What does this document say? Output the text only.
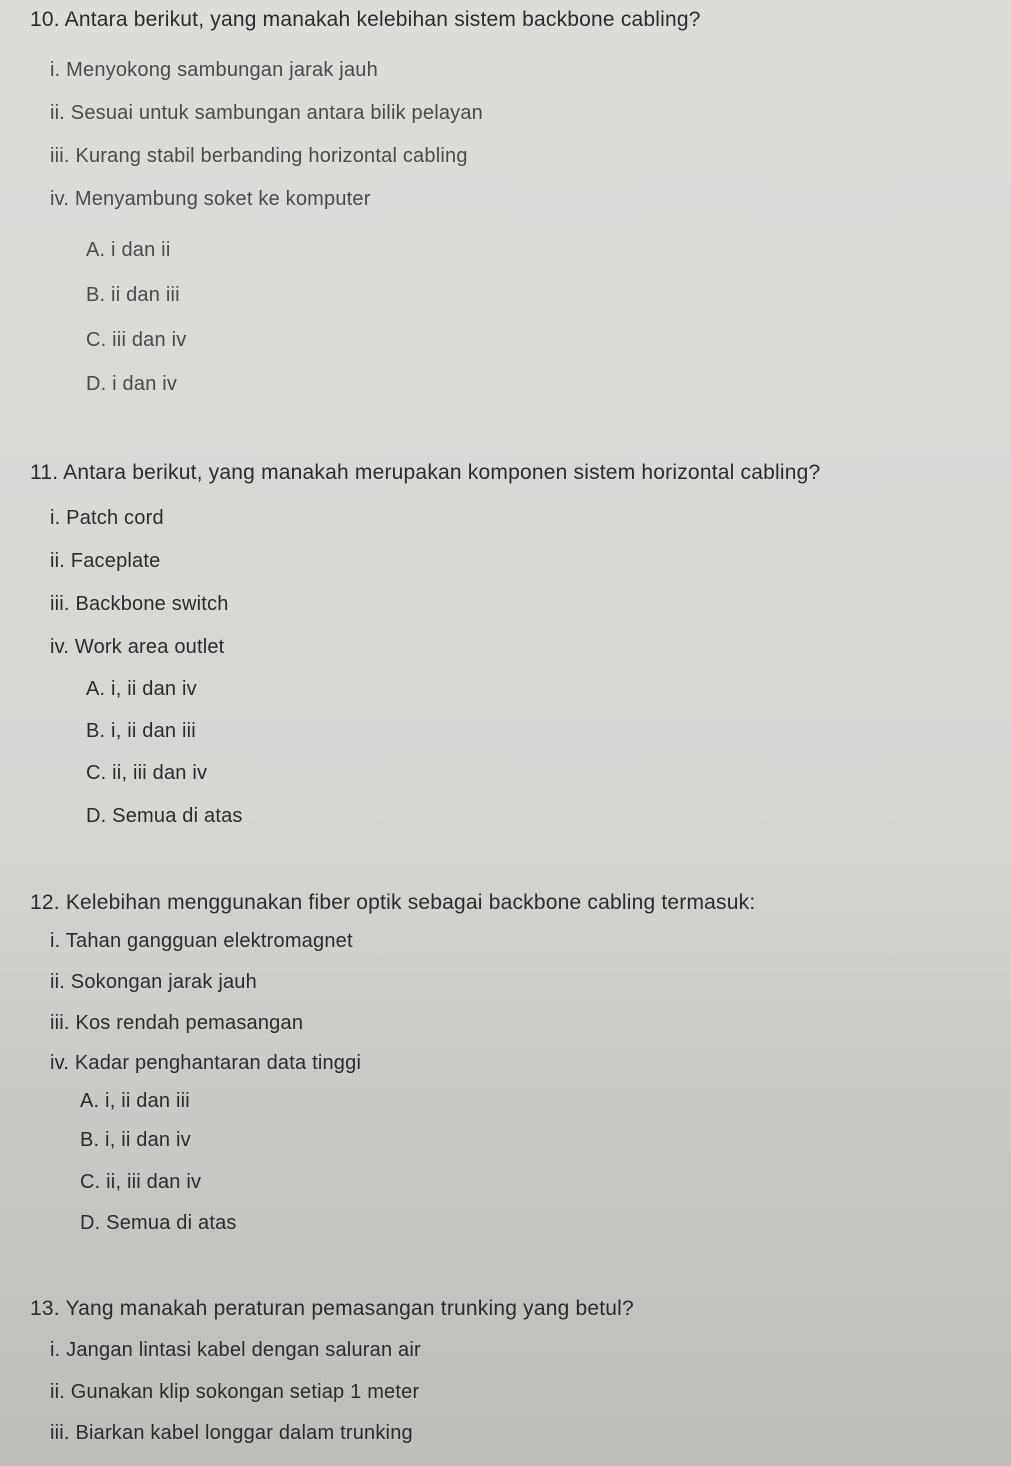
10. Antara berikut, yang manakah kelebihan sistem backbone cabling?
i. Menyokong sambungan jarak jauh
ii. Sesuai untuk sambungan antara bilik pelayan
iii. Kurang stabil berbanding horizontal cabling
iv. Menyambung soket ke komputer
A. i dan ii
B. ii dan iii
C. iii dan iv
D. i dan iv
11. Antara berikut, yang manakah merupakan komponen sistem horizontal cabling?
i. Patch cord
ii. Faceplate
iii. Backbone switch
iv. Work area outlet
A. i, ii dan iv
B. i, ii dan iii
C. ii, iii dan iv
D. Semua di atas
12. Kelebihan menggunakan fiber optik sebagai backbone cabling termasuk:
i. Tahan gangguan elektromagnet
ii. Sokongan jarak jauh
iii. Kos rendah pemasangan
iv. Kadar penghantaran data tinggi
A. i, ii dan iii
B. i, ii dan iv
C. ii, iii dan iv
D. Semua di atas
13. Yang manakah peraturan pemasangan trunking yang betul?
i. Jangan lintasi kabel dengan saluran air
ii. Gunakan klip sokongan setiap 1 meter
iii. Biarkan kabel longgar dalam trunking
